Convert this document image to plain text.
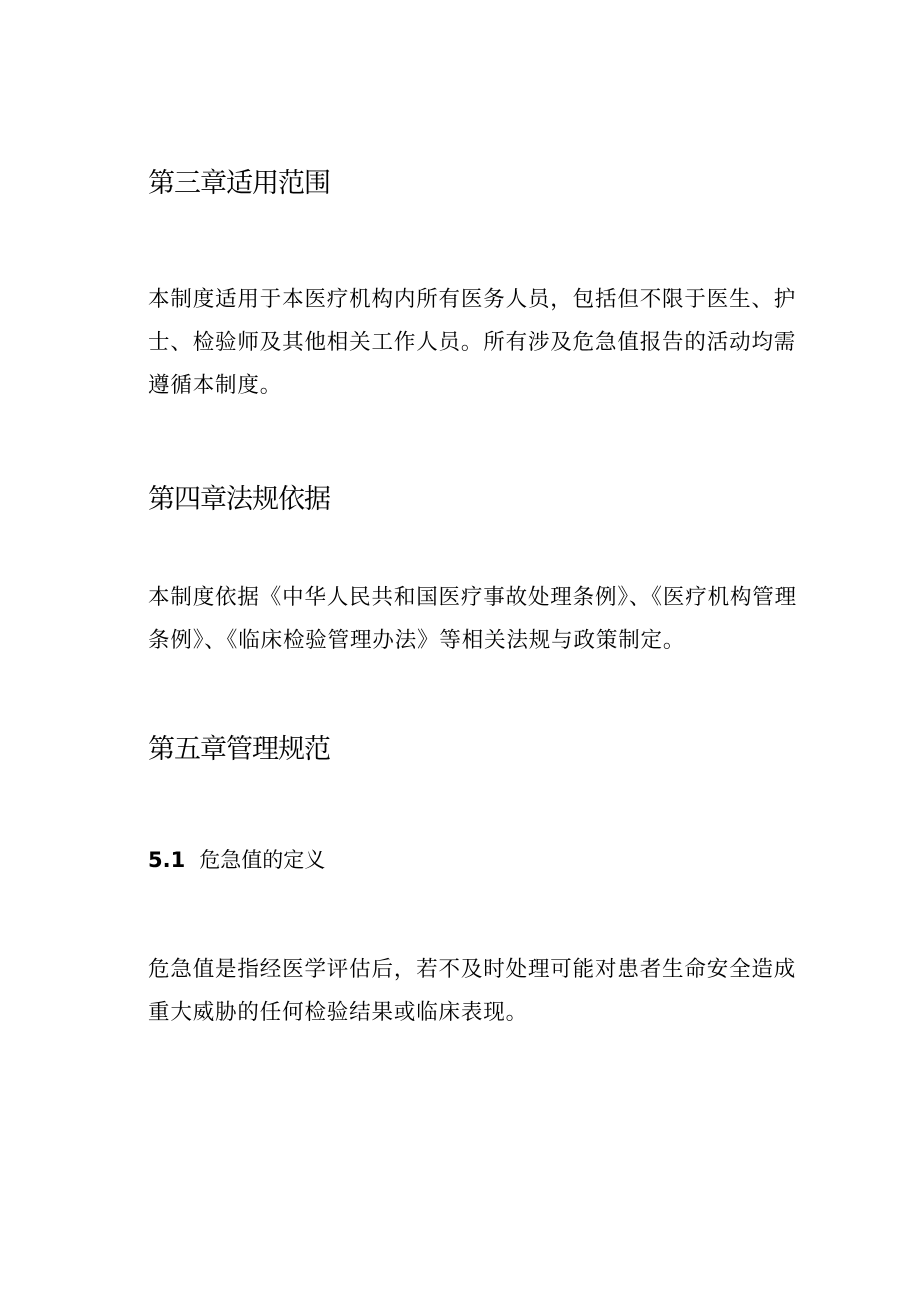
第三章适用范围

本制度适用于本医疗机构内所有医务人员，包括但不限于医生、护士、检验师及其他相关工作人员。所有涉及危急值报告的活动均需遵循本制度。

第四章法规依据

本制度依据《中华人民共和国医疗事故处理条例》、《医疗机构管理条例》、《临床检验管理办法》等相关法规与政策制定。

第五章管理规范
5.1 危急值的定义

危急值是指经医学评估后，若不及时处理可能对患者生命安全造成重大威胁的任何检验结果或临床表现。
